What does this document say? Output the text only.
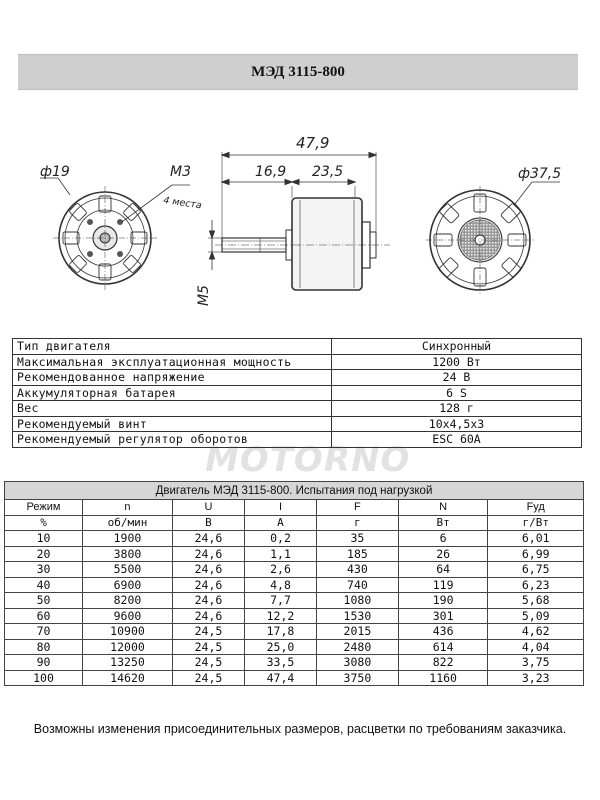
МЭД 3115-800
ф19	M3
4 места
47,9
16,9 23,5
M5
ф37,5
MOTORNO
Тип двигателя	Синхронный
Максимальная эксплуатационная мощность	1200 Вт
Рекомендованное напряжение	24 В
Аккумуляторная батарея	6 S
Вес	128 г
Рекомендуемый винт	10х4,5х3
Рекомендуемый регулятор оборотов	ESC 60A
Двигатель МЭД 3115-800. Испытания под нагрузкой						
Режим	n	U	I	F	N	Fуд
%	об/мин	В	А	г	Вт	г/Вт
10	1900	24,6	0,2	35	6	6,01
20	3800	24,6	1,1	185	26	6,99
30	5500	24,6	2,6	430	64	6,75
40	6900	24,6	4,8	740	119	6,23
50	8200	24,6	7,7	1080	190	5,68
60	9600	24,6	12,2	1530	301	5,09
70	10900	24,5	17,8	2015	436	4,62
80	12000	24,5	25,0	2480	614	4,04
90	13250	24,5	33,5	3080	822	3,75
100	14620	24,5	47,4	3750	1160	3,23
Возможны изменения присоединительных размеров, расцветки по требованиям заказчика.
